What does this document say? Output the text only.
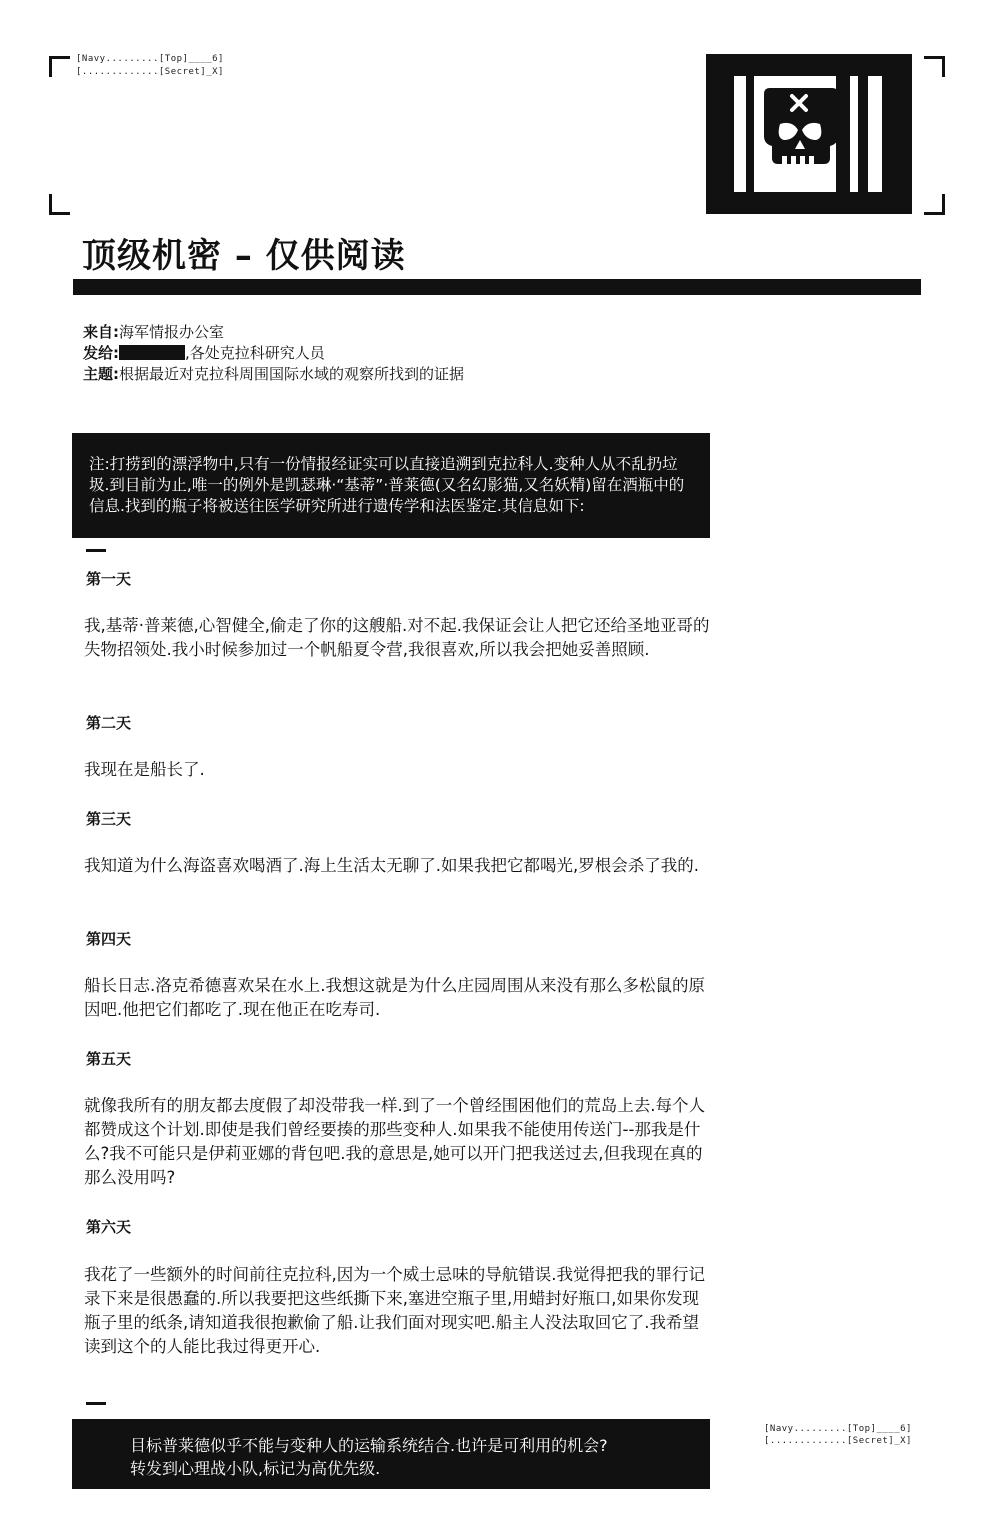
[Navy.........[Top]____6]
[.............[Secret]_X]
顶级机密 – 仅供阅读
来自:海军情报办公室
发给:	,各处克拉科研究人员
主题:根据最近对克拉科周围国际水域的观察所找到的证据
注:打捞到的漂浮物中,只有一份情报经证实可以直接追溯到克拉科人.变种人从不乱扔垃圾.到目前为止,唯一的例外是凯瑟琳·“基蒂”·普莱德(又名幻影猫,又名妖精)留在酒瓶中的信息.找到的瓶子将被送往医学研究所进行遗传学和法医鉴定.其信息如下:
第一天
我,基蒂·普莱德,心智健全,偷走了你的这艘船.对不起.我保证会让人把它还给圣地亚哥的失物招领处.我小时候参加过一个帆船夏令营,我很喜欢,所以我会把她妥善照顾.
第二天
我现在是船长了.
第三天
我知道为什么海盗喜欢喝酒了.海上生活太无聊了.如果我把它都喝光,罗根会杀了我的.
第四天
船长日志.洛克希德喜欢呆在水上.我想这就是为什么庄园周围从来没有那么多松鼠的原因吧.他把它们都吃了.现在他正在吃寿司.
第五天
就像我所有的朋友都去度假了却没带我一样.到了一个曾经围困他们的荒岛上去.每个人都赞成这个计划.即使是我们曾经要揍的那些变种人.如果我不能使用传送门--那我是什么?我不可能只是伊莉亚娜的背包吧.我的意思是,她可以开门把我送过去,但我现在真的那么没用吗?
第六天
我花了一些额外的时间前往克拉科,因为一个威士忌味的导航错误.我觉得把我的罪行记录下来是很愚蠢的.所以我要把这些纸撕下来,塞进空瓶子里,用蜡封好瓶口,如果你发现瓶子里的纸条,请知道我很抱歉偷了船.让我们面对现实吧.船主人没法取回它了.我希望读到这个的人能比我过得更开心.
目标普莱德似乎不能与变种人的运输系统结合.也许是可利用的机会?
转发到心理战小队,标记为高优先级.
[Navy.........[Top]____6]
[.............[Secret]_X]
